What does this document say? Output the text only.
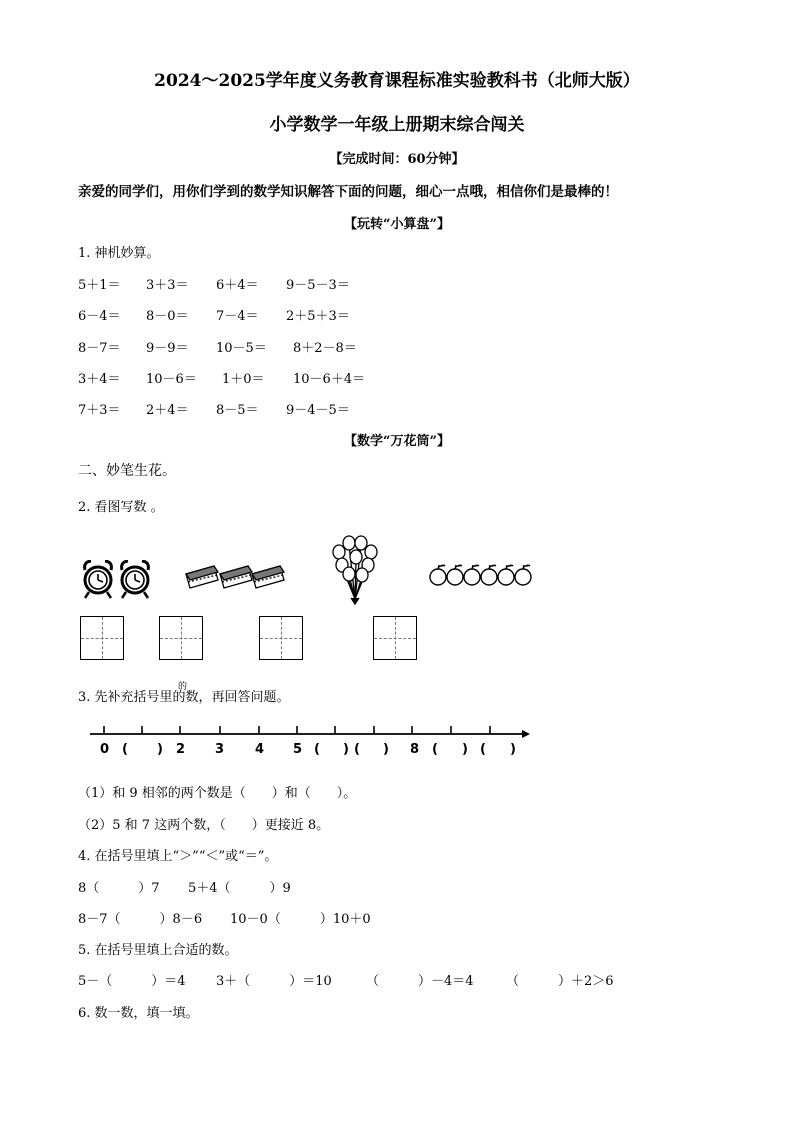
2024～2025学年度义务教育课程标准实验教科书（北师大版）
小学数学一年级上册期末综合闯关
【完成时间：60分钟】
亲爱的同学们，用你们学到的数学知识解答下面的问题，细心一点哦，相信你们是最棒的！
【玩转“小算盘”】
1. 神机妙算。
5＋1＝ 3＋3＝ 6＋4＝ 9－5－3＝
6－4＝ 8－0＝ 7－4＝ 2＋5＋3＝
8－7＝ 9－9＝ 10－5＝ 8＋2－8＝
3＋4＝ 10－6＝ 1＋0＝ 10－6＋4＝
7＋3＝ 2＋4＝ 8－5＝ 9－4－5＝
【数学“万花筒”】
二、妙笔生花。
2. 看图写数 。
3. 先补充括号里的数，再回答问题。
的
0 ( ) 2 3 4 5 ( ) ( ) 8 ( ) ( )
（1）和 9 相邻的两个数是（　　）和（　　）。
（2）5 和 7 这两个数，（　　）更接近 8。
4. 在括号里填上“＞”“＜”或“＝”。
8（　　　）7 5＋4（　　　）9
8－7（　　　）8－6 10－0（　　　）10＋0
5. 在括号里填上合适的数。
5－（　　　）＝4 3＋（　　　）＝10	（　　　）－4＝4 （　　　）＋2＞6
6. 数一数，填一填。
